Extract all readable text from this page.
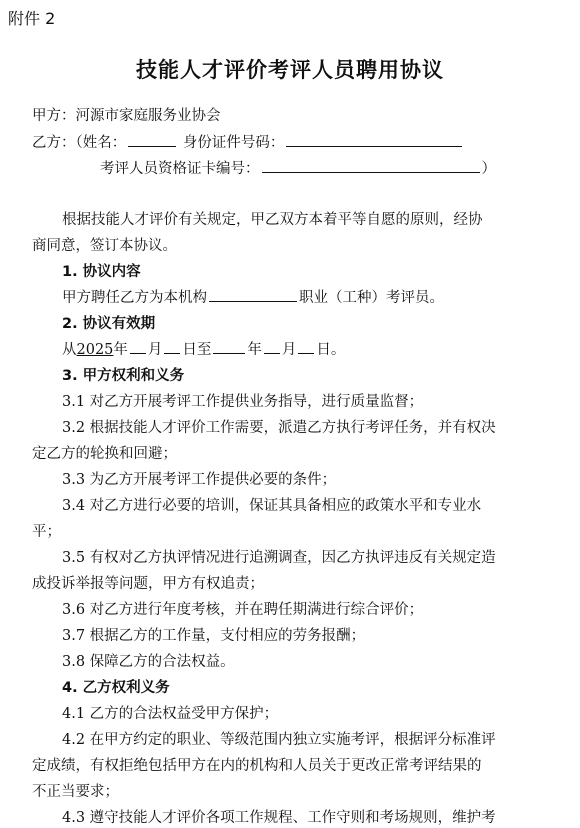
附件 2
技能人才评价考评人员聘用协议
甲方：河源市家庭服务业协会
乙方：（姓名：	身份证件号码：
考评人员资格证卡编号：	）
根据技能人才评价有关规定，甲乙双方本着平等自愿的原则，经协
商同意，签订本协议。
1. 协议内容
甲方聘任乙方为本机构	职业（工种）考评员。
2. 协议有效期
从2025年 月 日至 年 月 日。
3. 甲方权利和义务
3.1 对乙方开展考评工作提供业务指导，进行质量监督；
3.2 根据技能人才评价工作需要，派遣乙方执行考评任务，并有权决
定乙方的轮换和回避；
3.3 为乙方开展考评工作提供必要的条件；
3.4 对乙方进行必要的培训，保证其具备相应的政策水平和专业水
平；
3.5 有权对乙方执评情况进行追溯调查，因乙方执评违反有关规定造
成投诉举报等问题，甲方有权追责；
3.6 对乙方进行年度考核，并在聘任期满进行综合评价；
3.7 根据乙方的工作量，支付相应的劳务报酬；
3.8 保障乙方的合法权益。
4. 乙方权利义务
4.1 乙方的合法权益受甲方保护；
4.2 在甲方约定的职业、等级范围内独立实施考评，根据评分标准评
定成绩，有权拒绝包括甲方在内的机构和人员关于更改正常考评结果的
不正当要求；
4.3 遵守技能人才评价各项工作规程、工作守则和考场规则，维护考
